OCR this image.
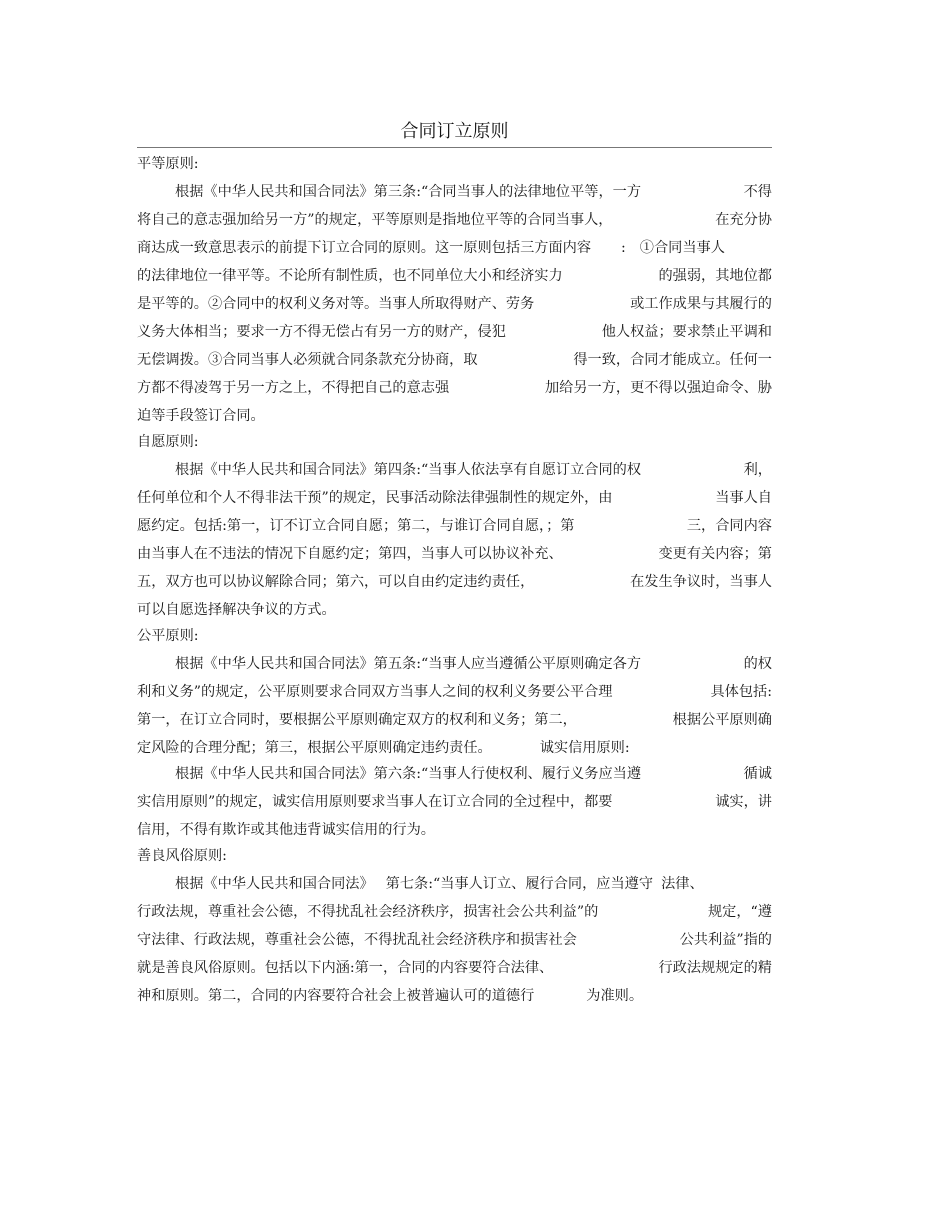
合同订立原则
平等原则:
根据《中华人民共和国合同法》第三条:“合同当事人的法律地位平等，一方	不得
将自己的意志强加给另一方”的规定，平等原则是指地位平等的合同当事人，	在充分协
商达成一致意思表示的前提下订立合同的原则。这一原则包括三方面内容 : ①合同当事人
的法律地位一律平等。不论所有制性质，也不同单位大小和经济实力	的强弱，其地位都
是平等的。②合同中的权利义务对等。当事人所取得财产、劳务	或工作成果与其履行的
义务大体相当；要求一方不得无偿占有另一方的财产，侵犯	他人权益；要求禁止平调和
无偿调拨。③合同当事人必须就合同条款充分协商，取	得一致，合同才能成立。任何一
方都不得凌驾于另一方之上，不得把自己的意志强	加给另一方，更不得以强迫命令、胁
迫等手段签订合同。
自愿原则:
根据《中华人民共和国合同法》第四条:“当事人依法享有自愿订立合同的权	利，
任何单位和个人不得非法干预”的规定，民事活动除法律强制性的规定外，由	当事人自
愿约定。包括:第一，订不订立合同自愿；第二，与谁订合同自愿，；第	三，合同内容
由当事人在不违法的情况下自愿约定；第四，当事人可以协议补充、	变更有关内容；第
五，双方也可以协议解除合同；第六，可以自由约定违约责任，	在发生争议时，当事人
可以自愿选择解决争议的方式。
公平原则:
根据《中华人民共和国合同法》第五条:“当事人应当遵循公平原则确定各方	的权
利和义务”的规定，公平原则要求合同双方当事人之间的权利义务要公平合理	具体包括:
第一，在订立合同时，要根据公平原则确定双方的权利和义务；第二，	根据公平原则确
定风险的合理分配；第三，根据公平原则确定违约责任。	诚实信用原则:
根据《中华人民共和国合同法》第六条:“当事人行使权利、履行义务应当遵	循诚
实信用原则”的规定，诚实信用原则要求当事人在订立合同的全过程中，都要	诚实，讲
信用，不得有欺诈或其他违背诚实信用的行为。
善良风俗原则:
根据《中华人民共和国合同法》 第七条:“当事人订立、履行合同，应当遵守 法律、
行政法规，尊重社会公德，不得扰乱社会经济秩序，损害社会公共利益”的	规定，“遵
守法律、行政法规，尊重社会公德，不得扰乱社会经济秩序和损害社会	公共利益”指的
就是善良风俗原则。包括以下内涵:第一，合同的内容要符合法律、	行政法规规定的精
神和原则。第二，合同的内容要符合社会上被普遍认可的道德行	为准则。
